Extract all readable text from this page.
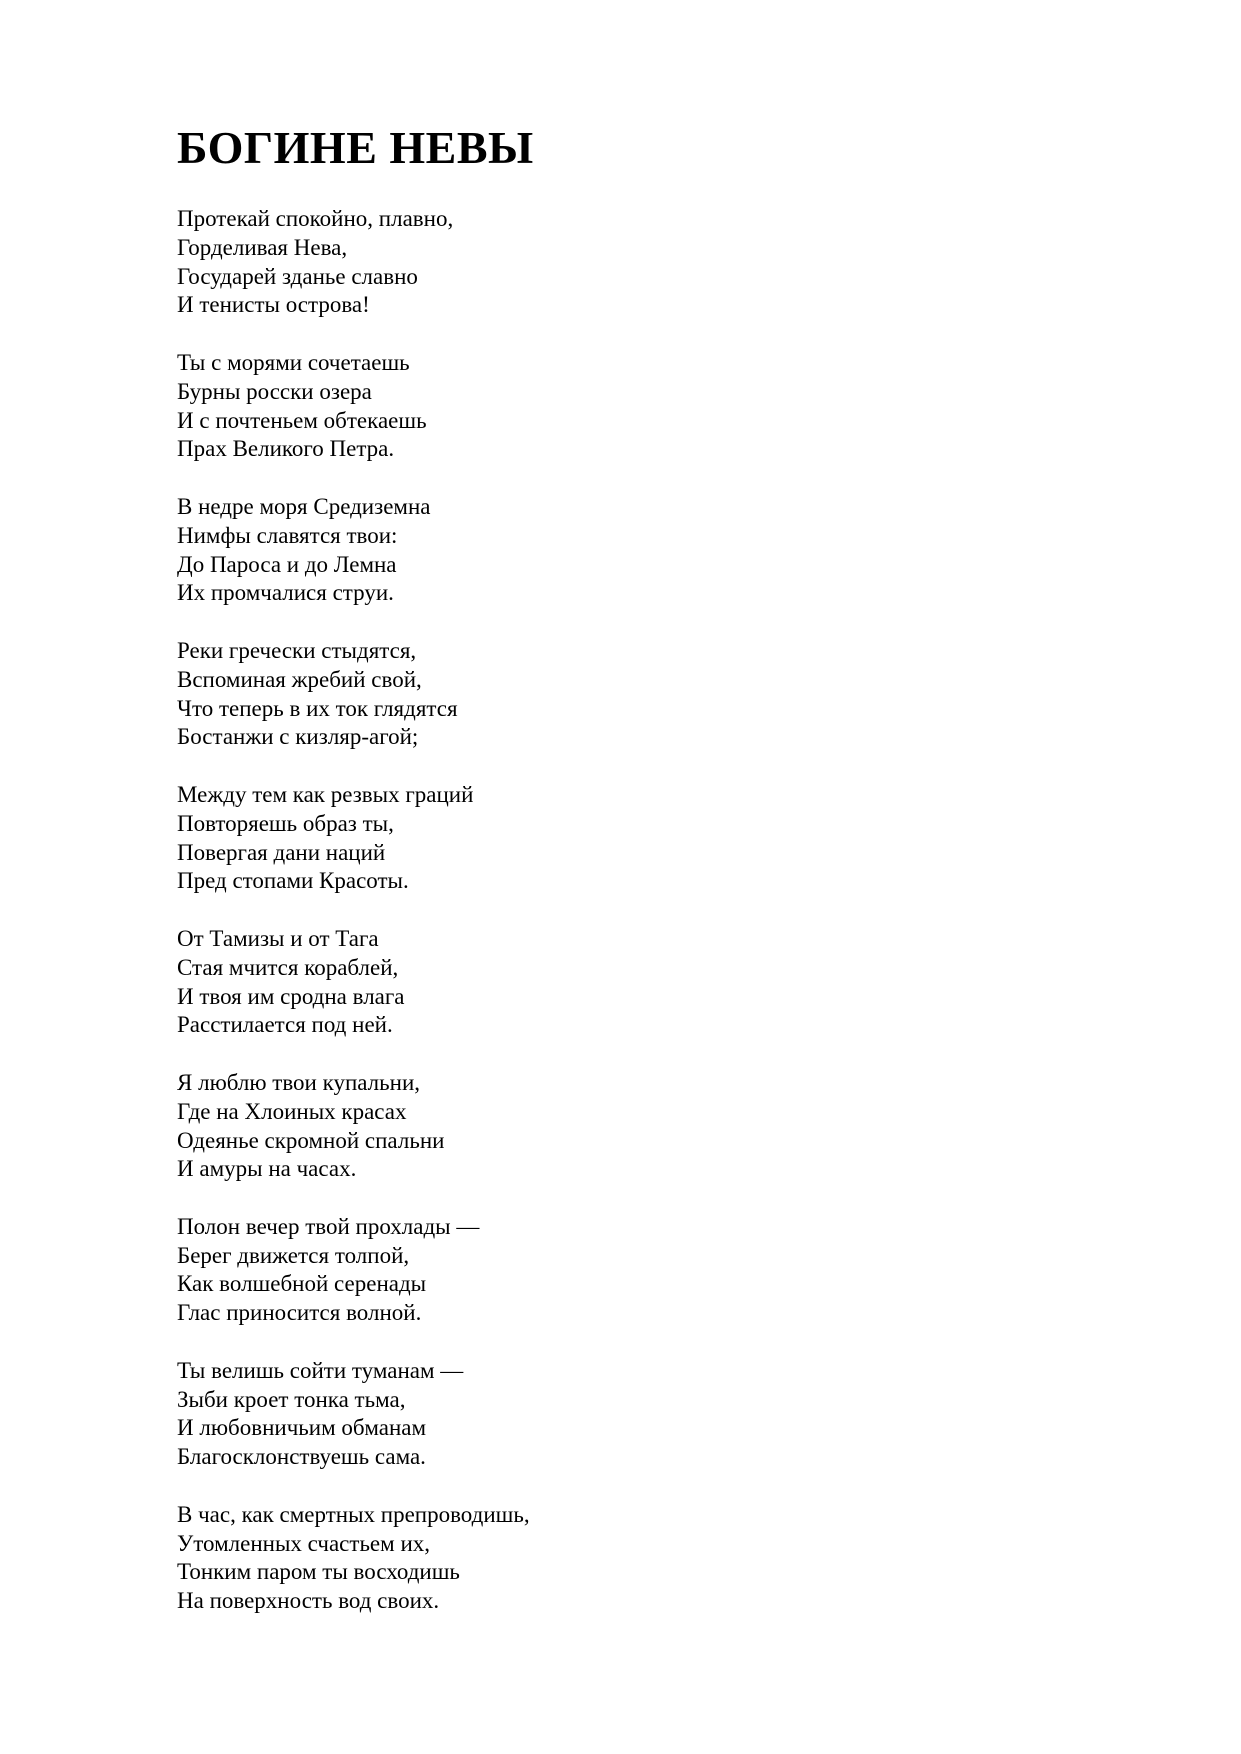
БОГИНЕ НЕВЫ
Протекай спокойно, плавно,
Горделивая Нева,
Государей зданье славно
И тенисты острова!
Ты с морями сочетаешь
Бурны росски озера
И с почтеньем обтекаешь
Прах Великого Петра.
В недре моря Средиземна
Нимфы славятся твои:
До Пароса и до Лемна
Их промчалися струи.
Реки гречески стыдятся,
Вспоминая жребий свой,
Что теперь в их ток глядятся
Бостанжи с кизляр-агой;
Между тем как резвых граций
Повторяешь образ ты,
Повергая дани наций
Пред стопами Красоты.
От Тамизы и от Тага
Стая мчится кораблей,
И твоя им сродна влага
Расстилается под ней.
Я люблю твои купальни,
Где на Хлоиных красах
Одеянье скромной спальни
И амуры на часах.
Полон вечер твой прохлады —
Берег движется толпой,
Как волшебной серенады
Глас приносится волной.
Ты велишь сойти туманам —
Зыби кроет тонка тьма,
И любовничьим обманам
Благосклонствуешь сама.
В час, как смертных препроводишь,
Утомленных счастьем их,
Тонким паром ты восходишь
На поверхность вод своих.
